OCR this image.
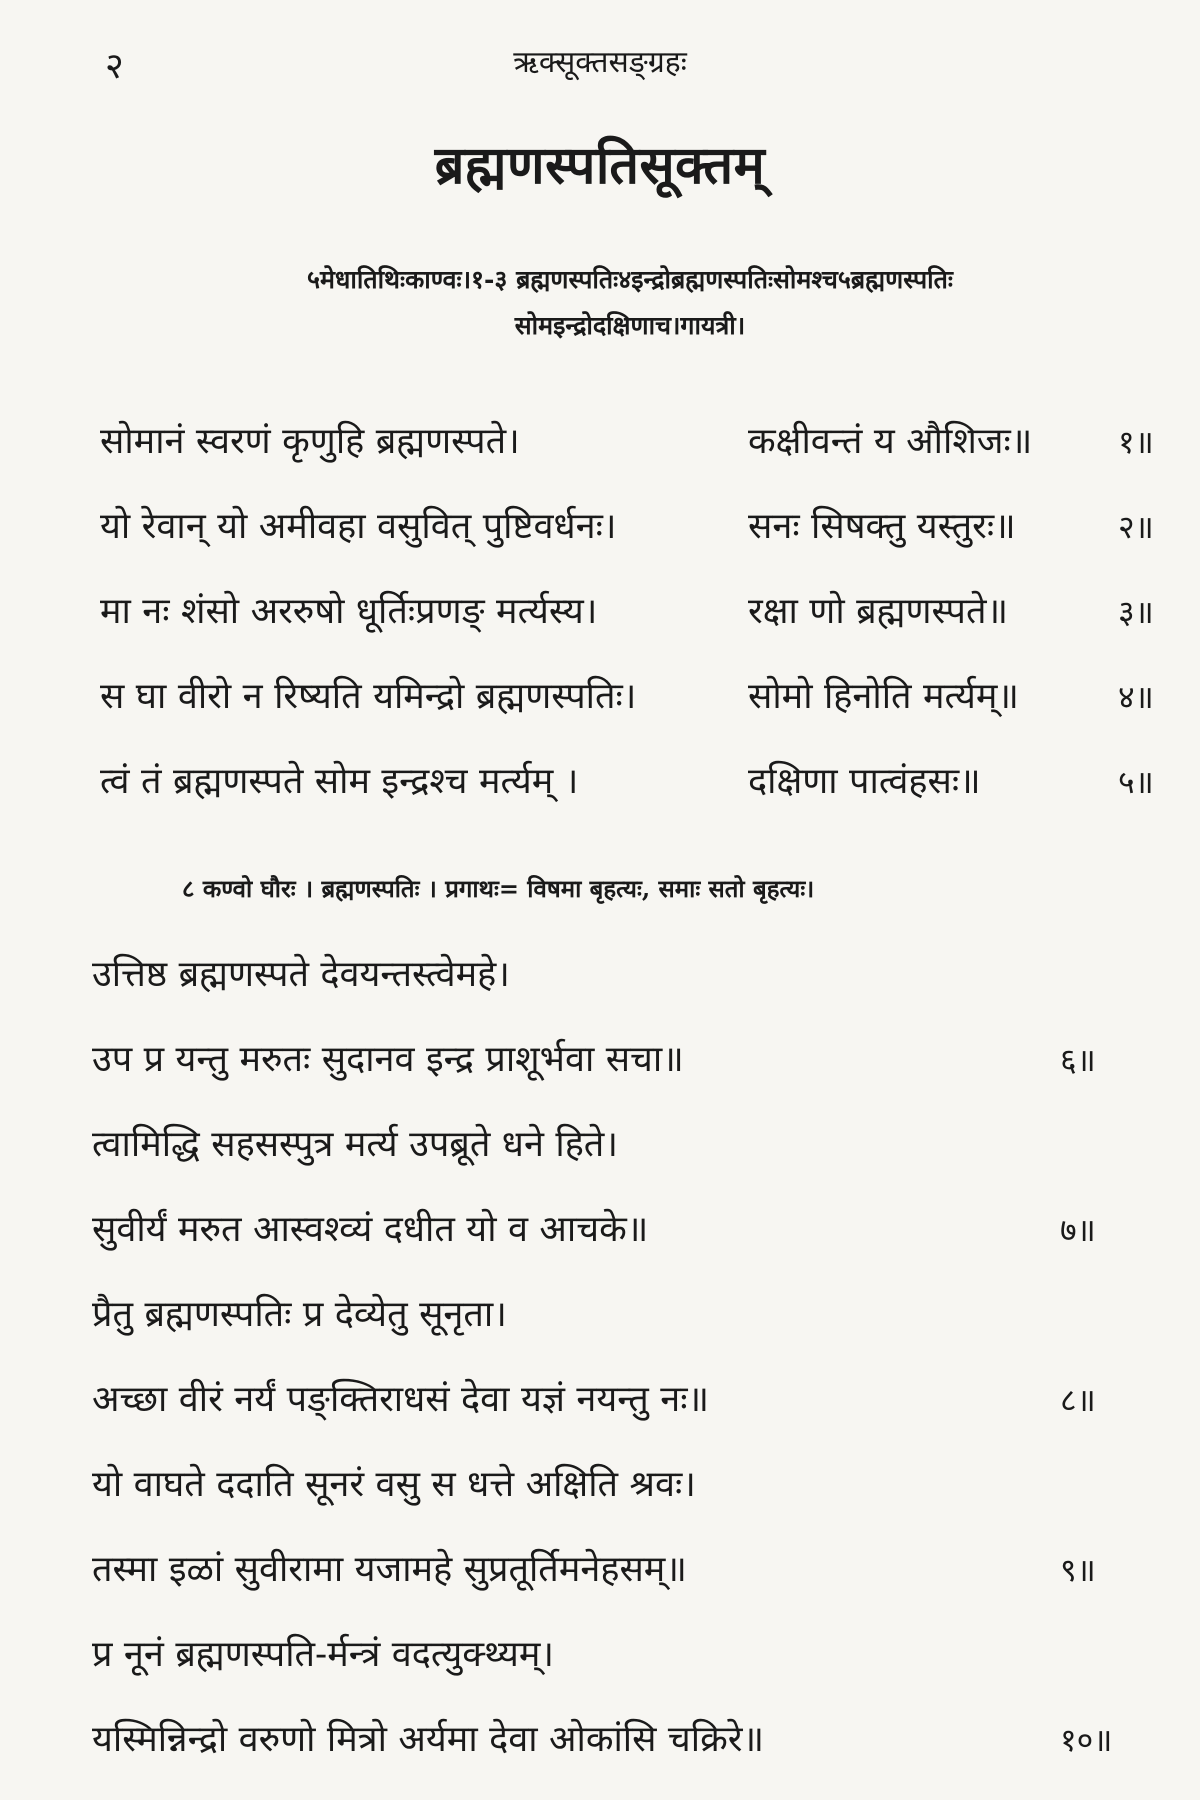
२	ऋक्सूक्तसङ्ग्रहः
ब्रह्मणस्पतिसूक्तम्
५मेधातिथिःकाण्वः।१-३ ब्रह्मणस्पतिः४इन्द्रोब्रह्मणस्पतिःसोमश्च५ब्रह्मणस्पतिः
सोमइन्द्रोदक्षिणाच।गायत्री।
सोमानं स्वरणं कृणुहि ब्रह्मणस्पते।	कक्षीवन्तं य औशिजः॥	१॥
यो रेवान् यो अमीवहा वसुवित् पुष्टिवर्धनः।	सनः सिषक्तु यस्तुरः॥	२॥
मा नः शंसो अररुषो धूर्तिःप्रणङ् मर्त्यस्य।	रक्षा णो ब्रह्मणस्पते॥	३॥
स घा वीरो न रिष्यति यमिन्द्रो ब्रह्मणस्पतिः।	सोमो हिनोति मर्त्यम्॥	४॥
त्वं तं ब्रह्मणस्पते सोम इन्द्रश्च मर्त्यम् ।	दक्षिणा पात्वंहसः॥	५॥
८ कण्वो घौरः । ब्रह्मणस्पतिः । प्रगाथः= विषमा बृहत्यः, समाः सतो बृहत्यः।
उत्तिष्ठ ब्रह्मणस्पते देवयन्तस्त्वेमहे।
उप प्र यन्तु मरुतः सुदानव इन्द्र प्राशूर्भवा सचा॥	६॥
त्वामिद्धि सहसस्पुत्र मर्त्य उपब्रूते धने हिते।
सुवीर्यं मरुत आस्वश्व्यं दधीत यो व आचके॥	७॥
प्रैतु ब्रह्मणस्पतिः प्र देव्येतु सूनृता।
अच्छा वीरं नर्यं पङ्क्तिराधसं देवा यज्ञं नयन्तु नः॥	८॥
यो वाघते ददाति सूनरं वसु स धत्ते अक्षिति श्रवः।
तस्मा इळां सुवीरामा यजामहे सुप्रतूर्तिमनेहसम्॥	९॥
प्र नूनं ब्रह्मणस्पति-र्मन्त्रं वदत्युक्थ्यम्।
यस्मिन्निन्द्रो वरुणो मित्रो अर्यमा देवा ओकांसि चक्रिरे॥	१०॥
